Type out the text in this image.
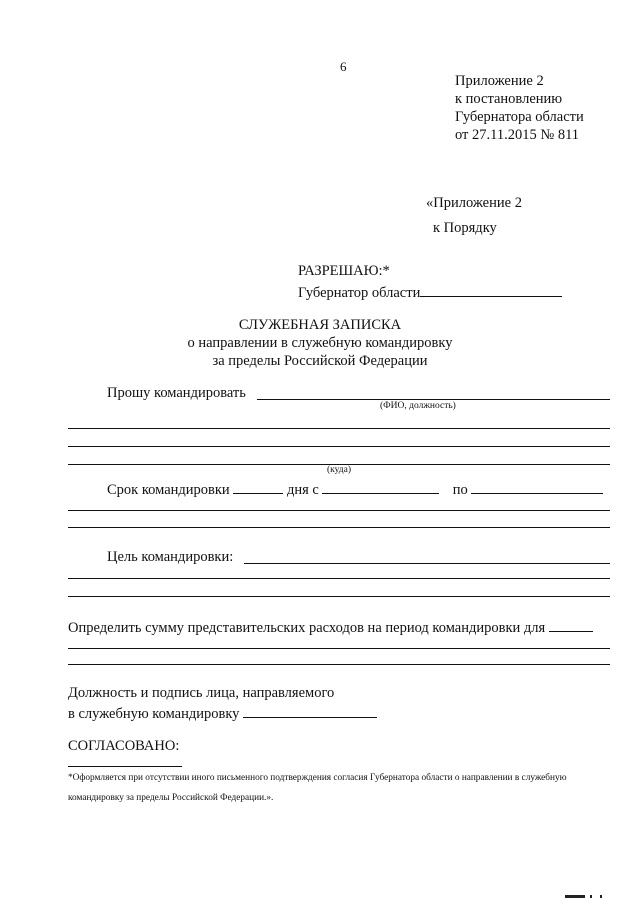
6
Приложение 2
к постановлению
Губернатора области
от 27.11.2015 № 811
«Приложение 2
к Порядку
РАЗРЕШАЮ:*
Губернатор области
СЛУЖЕБНАЯ ЗАПИСКА
о направлении в служебную командировку
за пределы Российской Федерации
Прошу командировать
(ФИО, должность)
(куда)
Срок командировки	дня с	по
Цель командировки:
Определить сумму представительских расходов на период командировки для
Должность и подпись лица, направляемого
в служебную командировку
СОГЛАСОВАНО:
*Оформляется при отсутствии иного письменного подтверждения согласия Губернатора области о направлении в служебную
командировку за пределы Российской Федерации.».
